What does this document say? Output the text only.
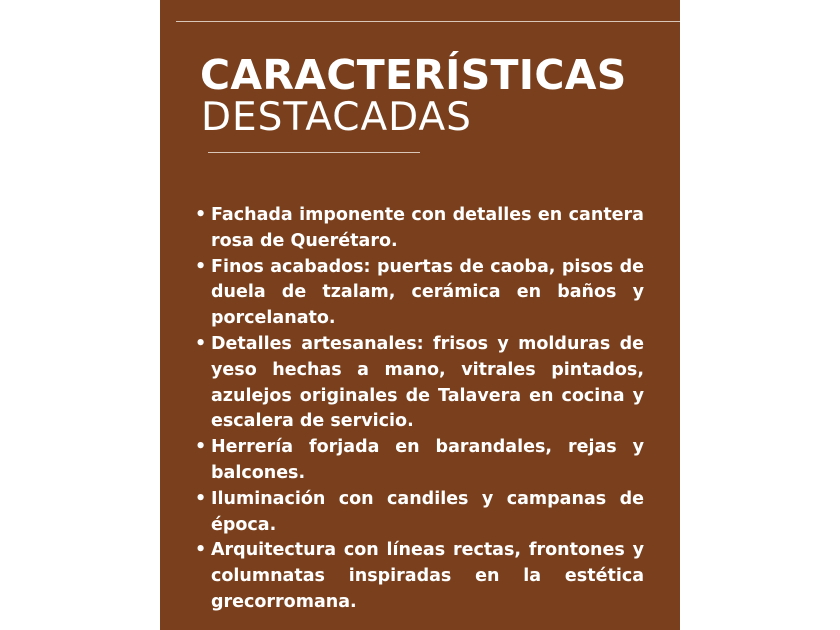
CARACTERÍSTICAS
DESTACADAS
• Fachada imponente con detalles en cantera rosa de Querétaro.
• Finos acabados: puertas de caoba, pisos de duela de tzalam, cerámica en baños y porcelanato.
• Detalles artesanales: frisos y molduras de yeso hechas a mano, vitrales pintados, azulejos originales de Talavera en cocina y escalera de servicio.
• Herrería forjada en barandales, rejas y balcones.
• Iluminación con candiles y campanas de época.
• Arquitectura con líneas rectas, frontones y columnatas inspiradas en la estética grecorromana.
